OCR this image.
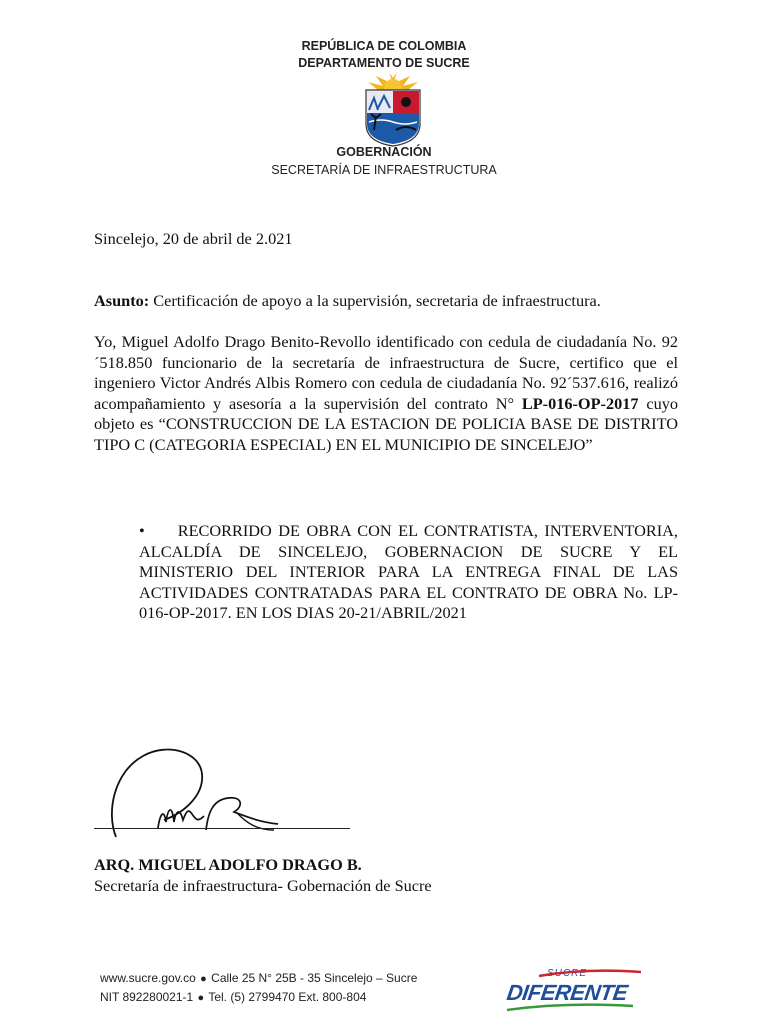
REPÚBLICA DE COLOMBIA
DEPARTAMENTO DE SUCRE
GOBERNACIÓN
SECRETARÍA DE INFRAESTRUCTURA
Sincelejo, 20 de abril de 2.021
Asunto: Certificación de apoyo a la supervisión, secretaria de infraestructura.
Yo, Miguel Adolfo Drago Benito-Revollo identificado con cedula de ciudadanía No. 92´518.850 funcionario de la secretaría de infraestructura de Sucre, certifico que el ingeniero Victor Andrés Albis Romero con cedula de ciudadanía No. 92´537.616, realizó acompañamiento y asesoría a la supervisión del contrato N° LP-016-OP-2017 cuyo objeto es “CONSTRUCCION DE LA ESTACION DE POLICIA BASE DE DISTRITO TIPO C (CATEGORIA ESPECIAL) EN EL MUNICIPIO DE SINCELEJO”
• RECORRIDO DE OBRA CON EL CONTRATISTA, INTERVENTORIA, ALCALDÍA DE SINCELEJO, GOBERNACION DE SUCRE Y EL MINISTERIO DEL INTERIOR PARA LA ENTREGA FINAL DE LAS ACTIVIDADES CONTRATADAS PARA EL CONTRATO DE OBRA No. LP-016-OP-2017. EN LOS DIAS 20-21/ABRIL/2021
ARQ. MIGUEL ADOLFO DRAGO B.
Secretaría de infraestructura- Gobernación de Sucre
www.sucre.gov.co ● Calle 25 N° 25B - 35 Sincelejo – Sucre
NIT 892280021-1 ● Tel. (5) 2799470 Ext. 800-804
SUCRE
DIFERENTE
